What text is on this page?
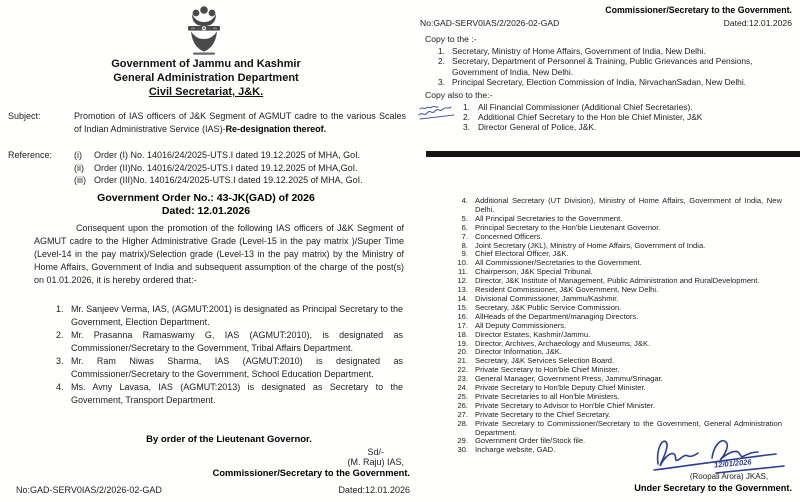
Government of Jammu and Kashmir
General Administration Department
Civil Secretariat, J&K.
Subject:	Promotion of IAS officers of J&K Segment of AGMUT cadre to the various Scales of Indian Administrative Service (IAS)-Re-designation thereof.
Reference:	(i)	Order (I) No. 14016/24/2025-UTS.I dated 19.12.2025 of MHA, GoI.
(ii)	Order (II)No. 14016/24/2025-UTS.I dated 19.12.2025 of MHA,GoI.
(iii) Order (III)No. 14016/24/2025-UTS.I dated 19.12.2025 of MHA, GoI.
Government Order No.: 43-JK(GAD) of 2026
Dated: 12.01.2026
Consequent upon the promotion of the following IAS officers of J&K Segment of AGMUT cadre to the Higher Administrative Grade (Level-15 in the pay matrix )/Super Time (Level-14 in the pay matrix)/Selection grade (Level-13 in the pay matrix) by the Ministry of Home Affairs, Government of India and subsequent assumption of the charge of the post(s) on 01.01.2026, it is hereby ordered that:-
1. Mr. Sanjeev Verma, IAS, (AGMUT:2001) is designated as Principal Secretary to the Government, Election Department.
2. Mr. Prasanna Ramaswamy G, IAS (AGMUT:2010), is designated as Commissioner/Secretary to the Government, Tribal Affairs Department.
3. Mr. Ram Niwas Sharma, IAS (AGMUT:2010) is designated as Commissioner/Secretary to the Government, School Education Department.
4. Ms. Avny Lavasa, IAS (AGMUT:2013) is designated as Secretary to the Government, Transport Department.
By order of the Lieutenant Governor.
Sd/-
(M. Raju) IAS,
Commissioner/Secretary to the Government.
No:GAD-SERV0IAS/2/2026-02-GAD	Dated:12.01.2026
Commissioner/Secretary to the Government.
No:GAD-SERV0IAS/2/2026-02-GAD	Dated:12.01.2026
Copy to the :-
1. Secretary, Ministry of Home Affairs, Government of India, New Delhi.
2. Secretary, Department of Personnel & Training, Public Grievances and Pensions, Government of India, New Delhi.
3. Principal Secretary, Election Commission of India, NirvachanSadan, New Delhi.
Copy also to the:-
1. All Financial Commissioner (Additional Chief Secretaries).
2. Additional Chief Secretary to the Hon ble Chief Minister, J&K
3. Director General of Police, J&K.
4. Additional Secretary (UT Division), Ministry of Home Affairs, Government of India, New Delhi.
5. All Principal Secretaries to the Government.
6. Principal Secretary to the Hon'ble Lieutenant Governor.
7. Concerned Officers.
8. Joint Secretary (JKL), Ministry of Home Affairs, Government of India.
9. Chief Electoral Officer, J&K.
10. All Commissioner/Secretaries to the Government.
11. Chairperson, J&K Special Tribunal.
12. Director, J&K Institute of Management, Public Administration and RuralDevelopment.
13. Resident Commissioner, J&K Government, New Delhi.
14. Divisional Commissioner, Jammu/Kashmir.
15. Secretary, J&K Public Service Commission.
16. AllHeads of the Department/managing Directors.
17. All Deputy Commissioners.
18. Director Estates, Kashmir/Jammu.
19. Director, Archives, Archaeology and Museums, J&K.
20. Director Information, J&K.
21. Secretary, J&K Services Selection Board.
22. Private Secretary to Hon'ble Chief Minister.
23. General Manager, Government Press, Jammu/Srinagar.
24. Private Secretary to Hon'ble Deputy Chief Minister.
25. Private Secretaries to all Hon'ble Ministers.
26. Private Secretary to Advisor to Hon'ble Chief Minister.
27. Private Secretary to the Chief Secretary.
28. Private Secretary to Commissioner/Secretary to the Government, General Administration Department.
29. Government Order file/Stock file.
30. Incharge website, GAD.
12/01/2026
(Roopali Arora) JKAS,
Under Secretary to the Government.
